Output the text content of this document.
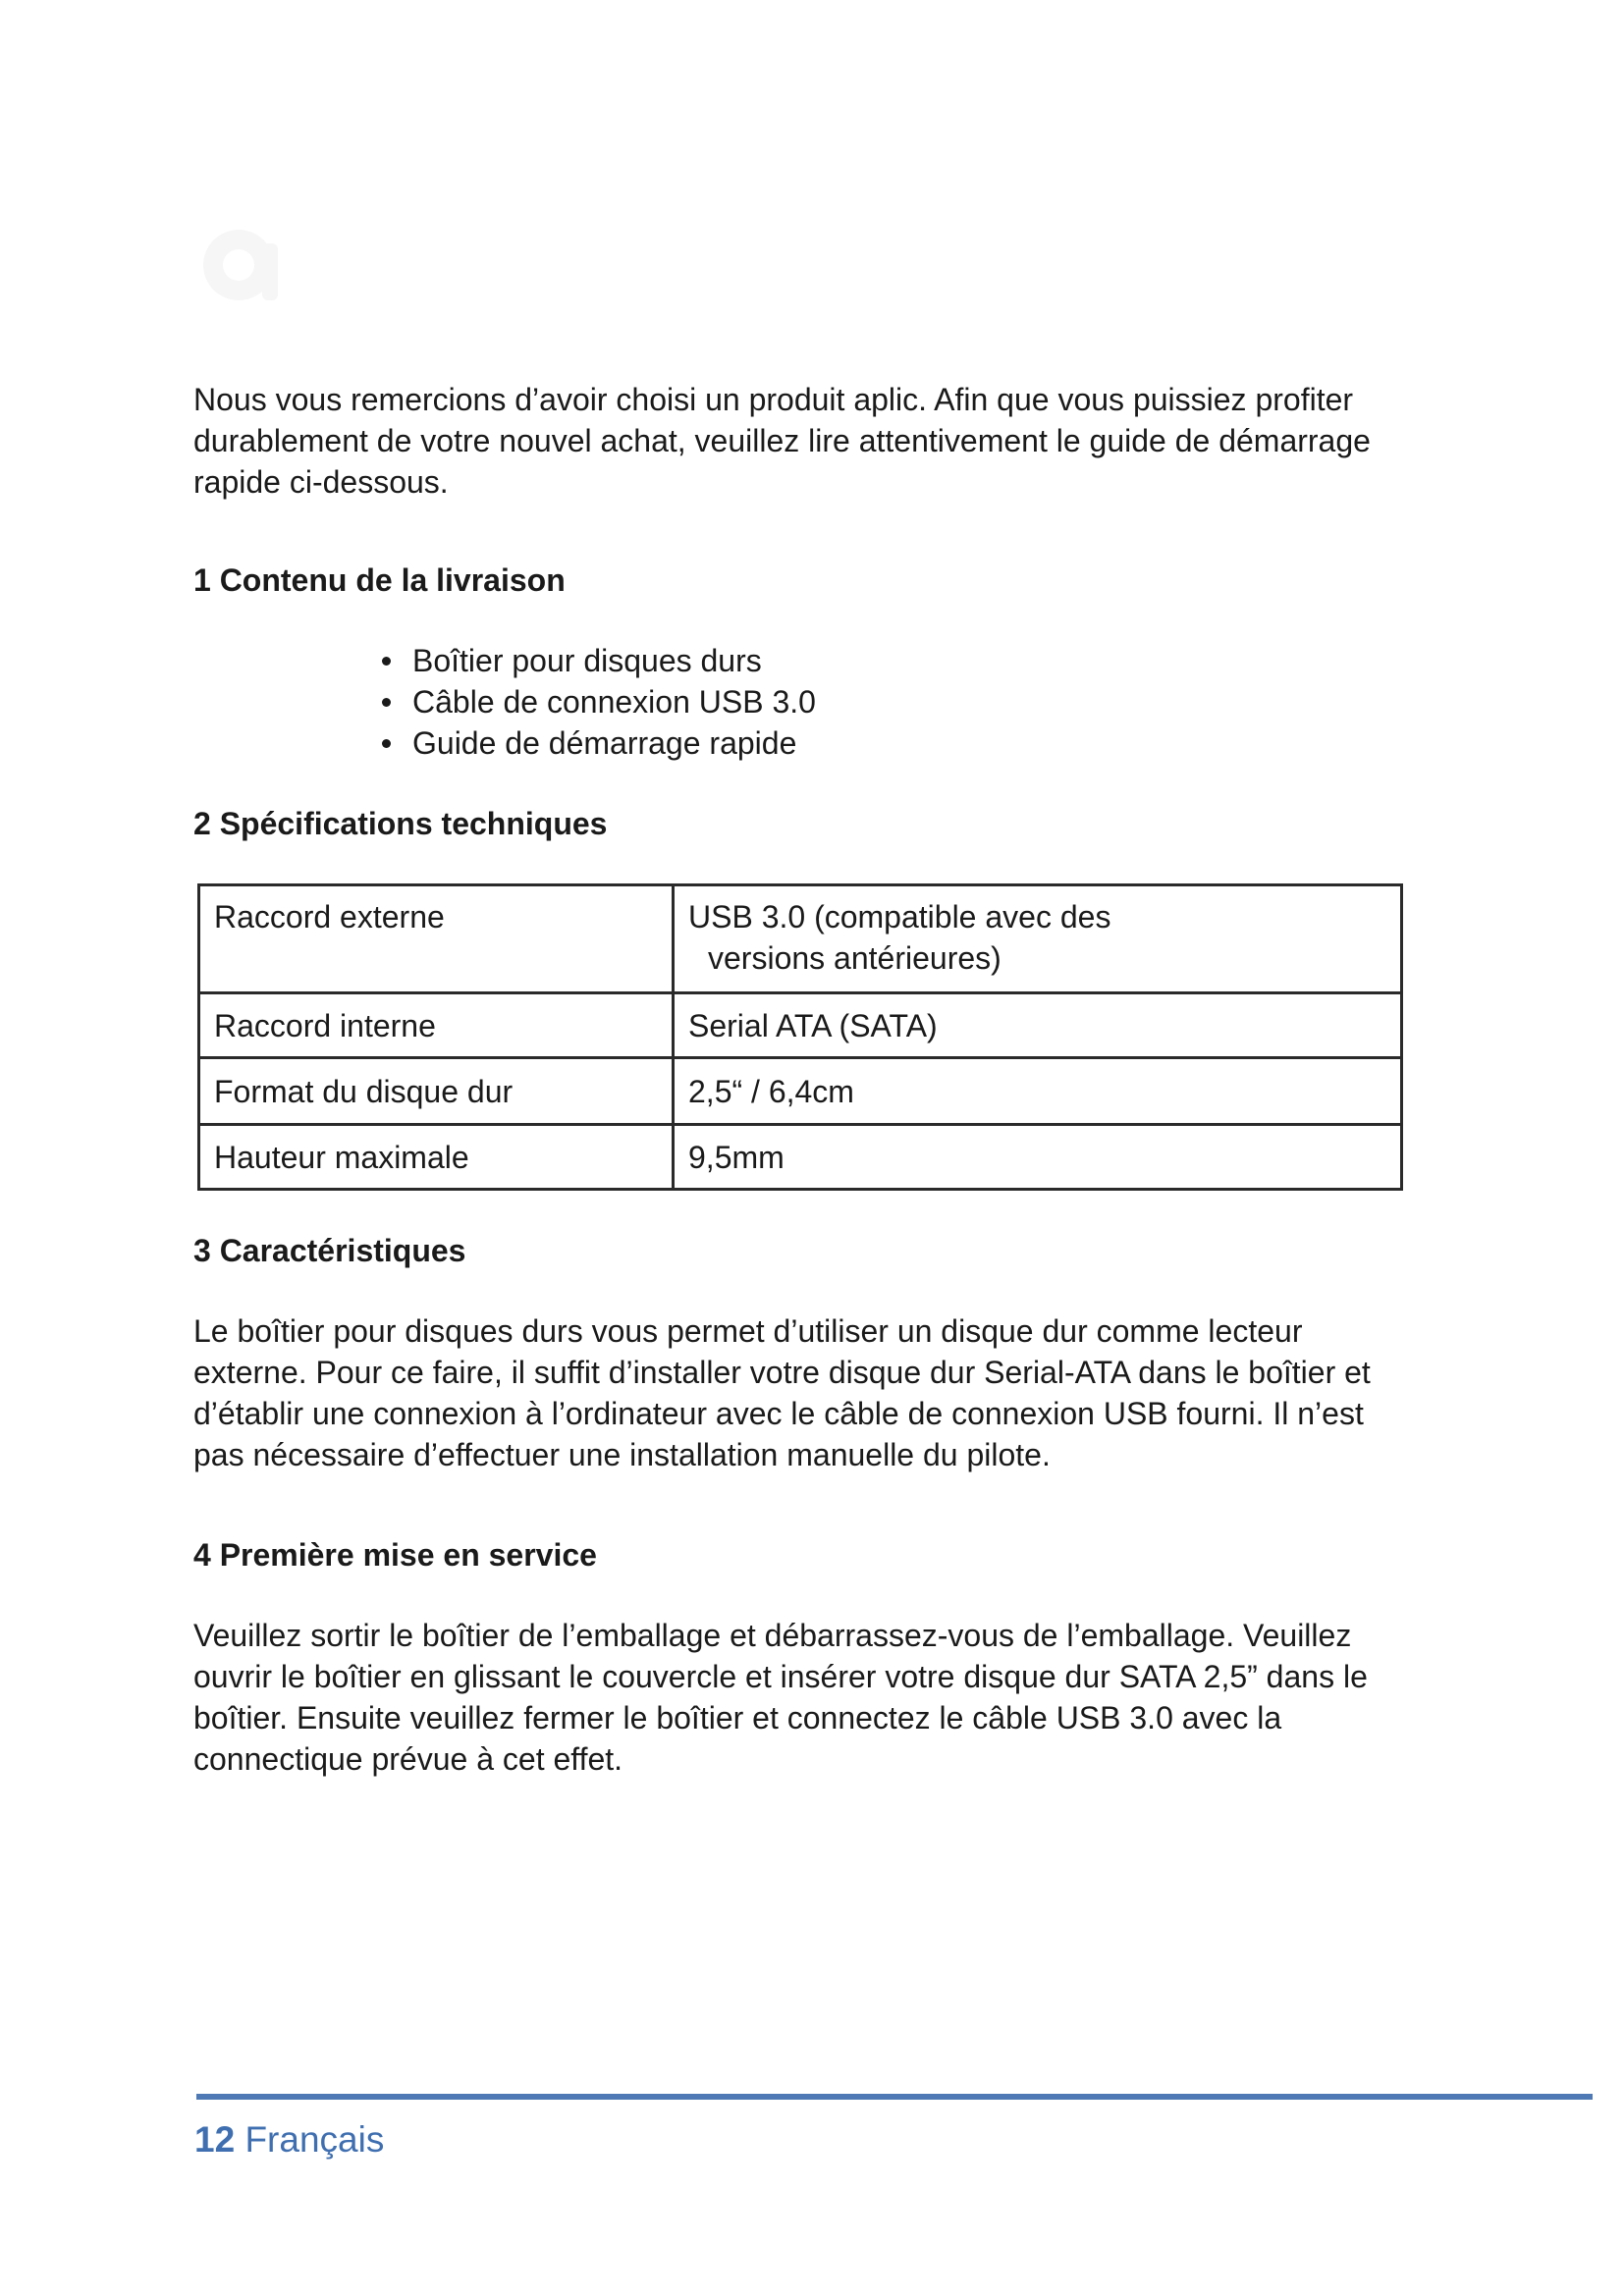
Nous vous remercions d’avoir choisi un produit aplic. Afin que vous puissiez profiter durablement de votre nouvel achat, veuillez lire attentivement le guide de démarrage rapide ci-dessous.

1 Contenu de la livraison
Boîtier pour disques durs
Câble de connexion USB 3.0
Guide de démarrage rapide
2 Spécifications techniques
Raccord externe	USB 3.0 (compatible avec des versions antérieures)

Raccord interne	Serial ATA (SATA)
Format du disque dur	2,5“ / 6,4cm
Hauteur maximale	9,5mm
3 Caractéristiques

Le boîtier pour disques durs vous permet d’utiliser un disque dur comme lecteur externe. Pour ce faire, il suffit d’installer votre disque dur Serial-ATA dans le boîtier et d’établir une connexion à l’ordinateur avec le câble de connexion USB fourni. Il n’est pas nécessaire d’effectuer une installation manuelle du pilote.

4 Première mise en service

Veuillez sortir le boîtier de l’emballage et débarrassez-vous de l’emballage. Veuillez ouvrir le boîtier en glissant le couvercle et insérer votre disque dur SATA 2,5” dans le boîtier. Ensuite veuillez fermer le boîtier et connectez le câble USB 3.0 avec la connectique prévue à cet effet.

12 Français
